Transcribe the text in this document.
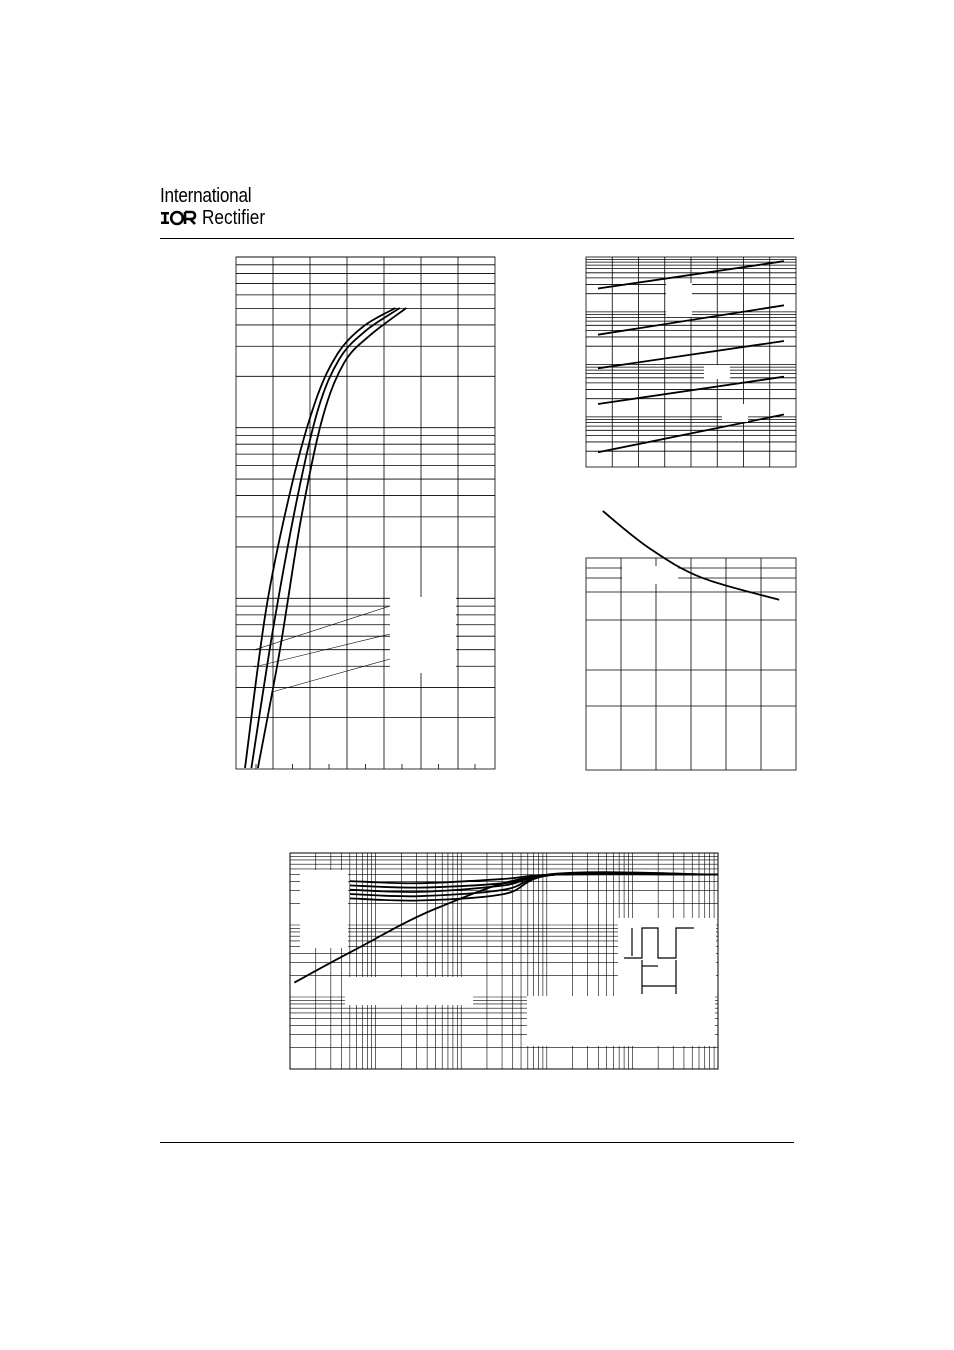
International
Rectifier
